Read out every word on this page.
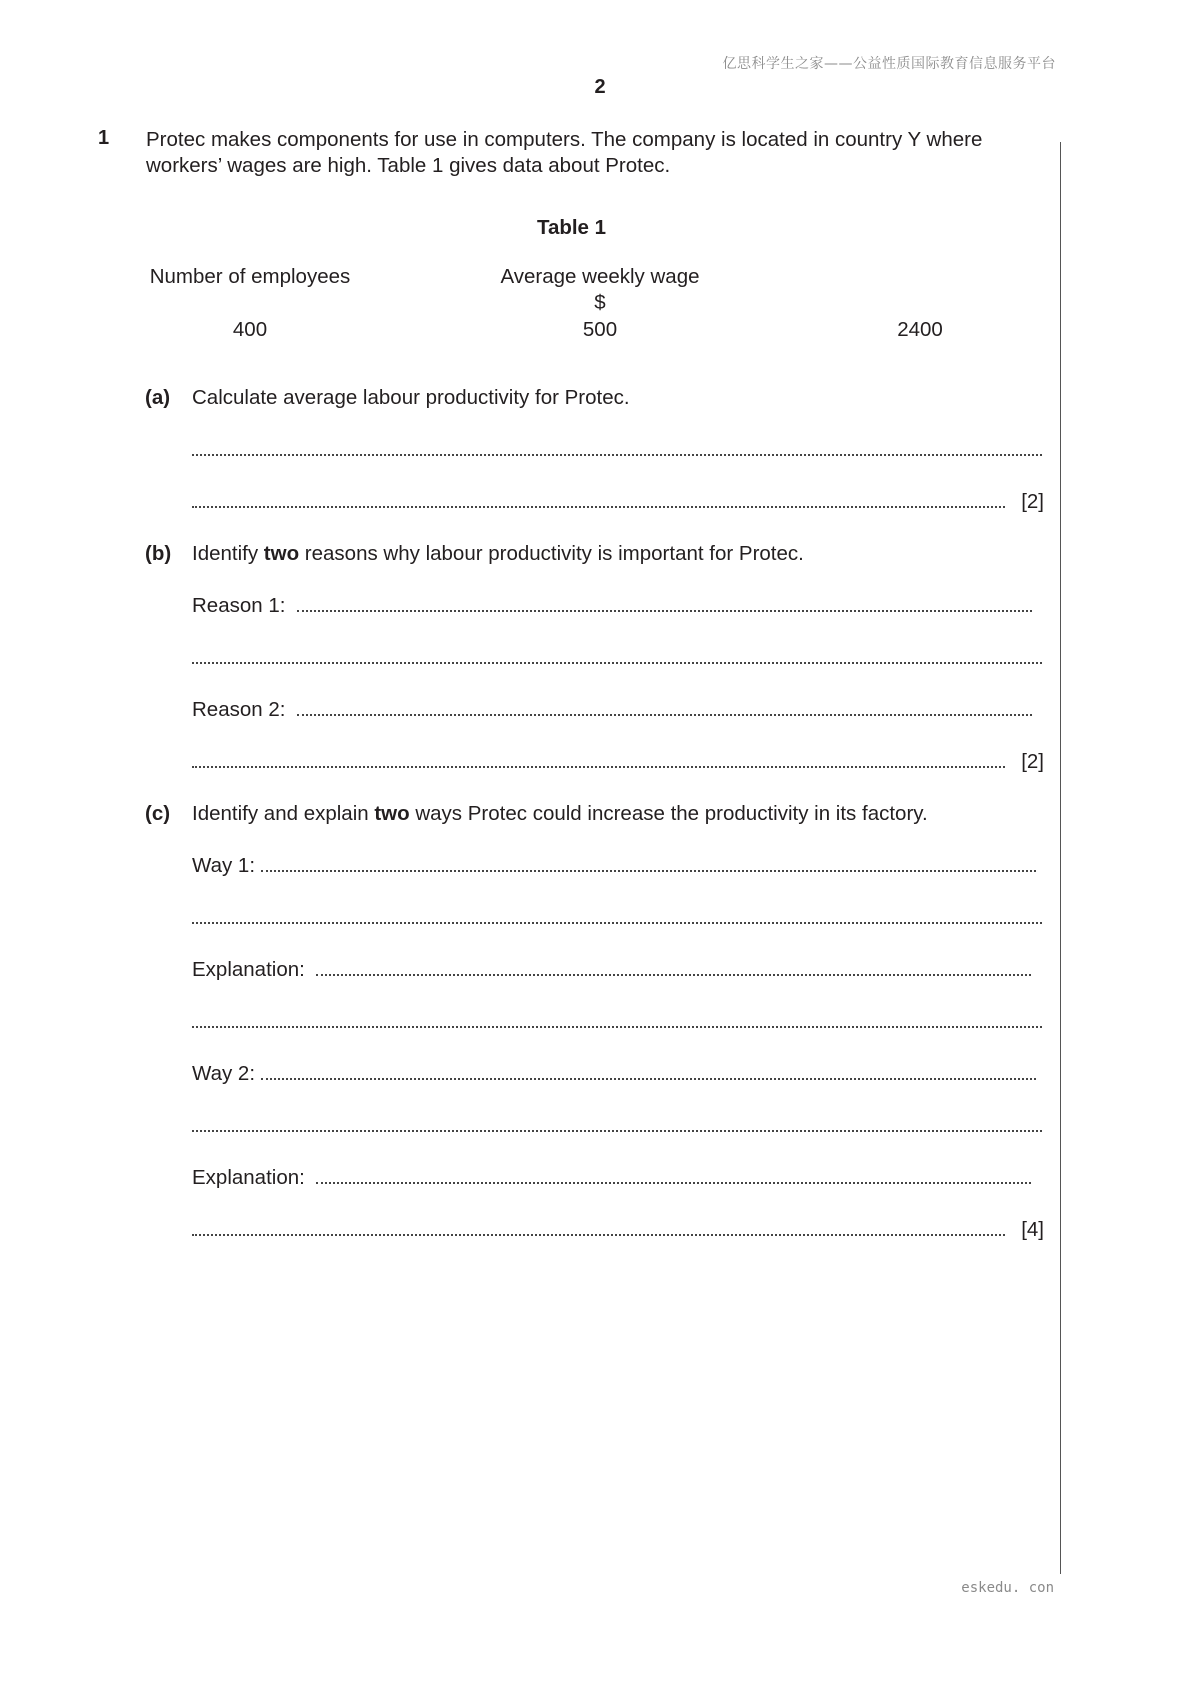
亿思科学生之家——公益性质国际教育信息服务平台
2
1 Protec makes components for use in computers. The company is located in country Y where
workers’ wages are high. Table 1 gives data about Protec.
Table 1
Number of employees	Average weekly wage
$
400	500	2400
(a) Calculate average labour productivity for Protec.
[2]
(b) Identify two reasons why labour productivity is important for Protec.
Reason 1:
Reason 2:
[2]
(c) Identify and explain two ways Protec could increase the productivity in its factory.
Way 1:
Explanation:
Way 2:
Explanation:
[4]
eskedu. con
